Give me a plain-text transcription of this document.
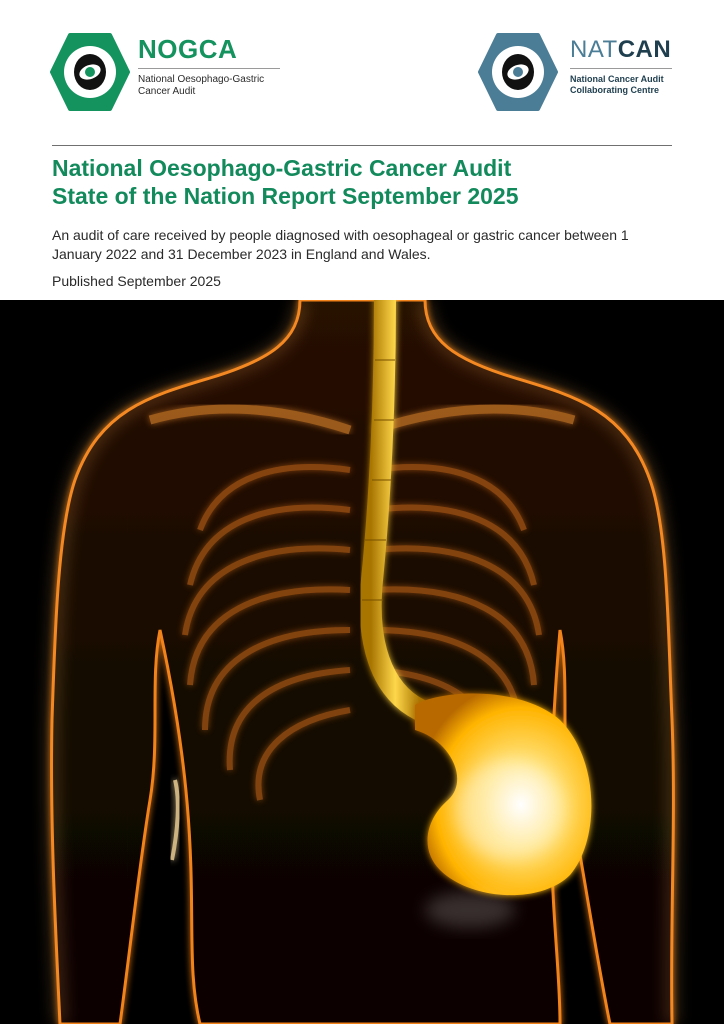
NOGCA
National Oesophago-Gastric
Cancer Audit
NATCAN
National Cancer Audit
Collaborating Centre
National Oesophago-Gastric Cancer Audit
State of the Nation Report September 2025

An audit of care received by people diagnosed with oesophageal or gastric cancer between 1 January 2022 and 31 December 2023 in England and Wales.

Published September 2025
